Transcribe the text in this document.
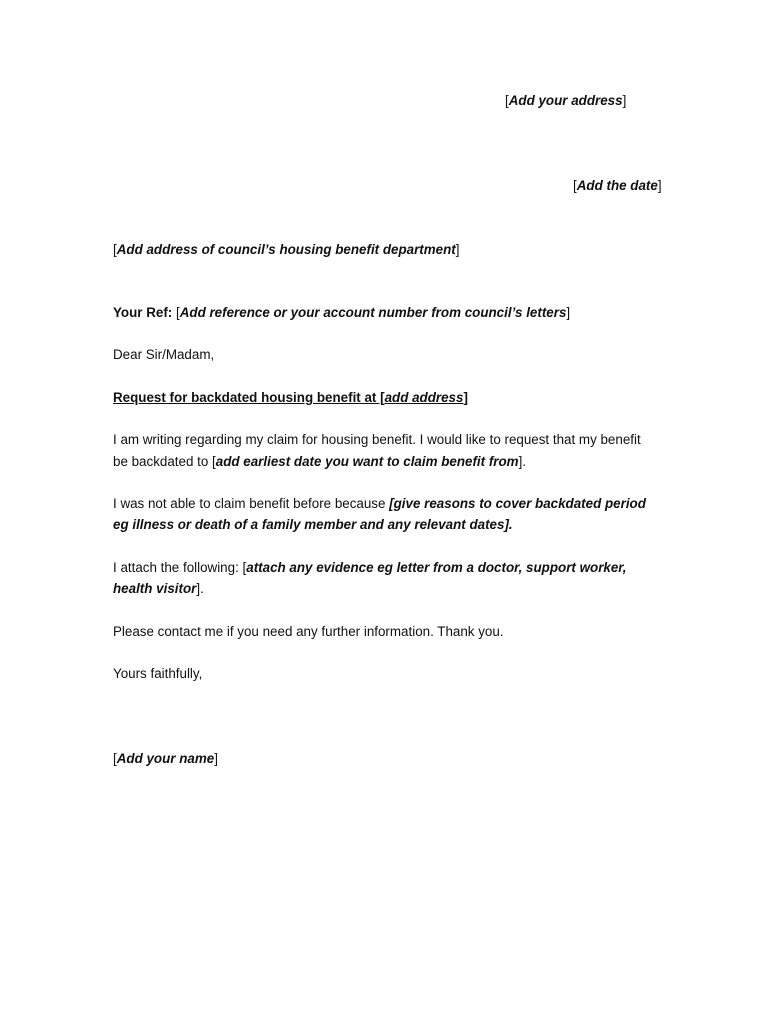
[Add your address]
[Add the date]
[Add address of council’s housing benefit department]
Your Ref: [Add reference or your account number from council’s letters]
Dear Sir/Madam,
Request for backdated housing benefit at [add address]
I am writing regarding my claim for housing benefit. I would like to request that my benefit
be backdated to [add earliest date you want to claim benefit from].
I was not able to claim benefit before because [give reasons to cover backdated period
eg illness or death of a family member and any relevant dates].
I attach the following: [attach any evidence eg letter from a doctor, support worker,
health visitor].
Please contact me if you need any further information. Thank you.
Yours faithfully,
[Add your name]
